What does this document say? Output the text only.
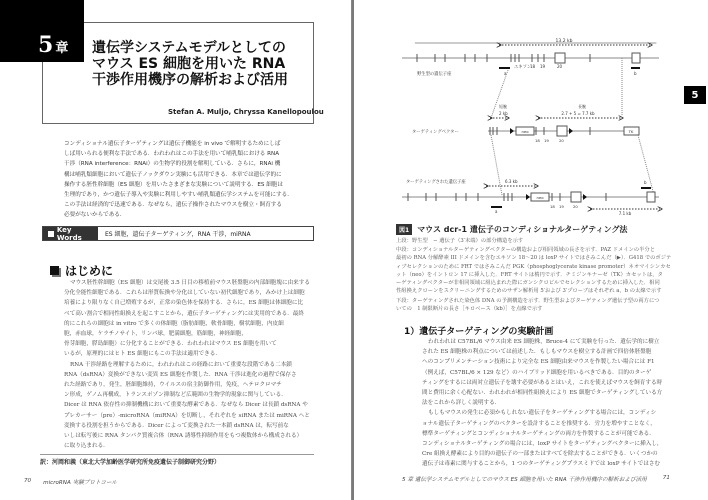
5 章 遺伝学システムモデルとしての
マウス ES 細胞を用いた RNA
干渉作用機序の解析および活用
Stefan A. Muljo, Chryssa Kanellopoulou
コンディショナル遺伝子ターゲティングは遺伝子機能を in vivo で解明するためにしば
しば用いられる便利な手法である．われわれはこの手法を用いて哺乳類における RNA
干渉（RNA interference：RNAi）の生物学的役割を解明している．さらに，RNAi 機
構は哺乳類細胞において遺伝子ノックダウン実験にも活用できる．本章では遺伝学的に
操作する胚性幹細胞（ES 細胞）を用いたさまざまな実験について説明する．ES 細胞は
生理的であり，かつ遺伝子導入や実験に利用しやすい哺乳類遺伝学システムを可能にする．
この手法は経済的で迅速である．なぜなら，遺伝子操作されたマウスを樹立・飼育する
必要がないからである．
Key Words	ES 細胞，遺伝子ターゲティング，RNA 干渉，miRNA
はじめに
マウス胚性幹細胞（ES 細胞）は交尾後 3.5 日目の移植前マウス胚盤胞の内部細胞塊に由来する
分化全能性細胞である．これらは形質転換や分化はしていない初代細胞であり，みかけ上は細胞
培養により限りなく自己増殖するが，正常の染色体を保持する．さらに，ES 細胞は体細胞に比
べて高い割合で相同性組換えを起こすことから，遺伝子ターゲティングには実用的である．最終
的にこれらの細胞は in vitro で多くの体細胞（脂肪細胞，軟骨細胞，樹状細胞，内皮細
胞，赤血球，ケラチノサイト，リンパ球，肥満細胞，筋細胞，神経細胞，
骨芽細胞，膵島細胞）に分化することができる．われわれはマウス ES 細胞を用いて
いるが，原理的にはヒト ES 細胞にもこの手法は適用できる．
RNA 干渉経路を理解するために，われわれはこの経路において重要な段階である二本鎖
RNA（dsRNA）変換ができない変異 ES 細胞を作製した．RNA 干渉は進化の過程で保存さ
れた経路であり，発生，胚細胞維持，ウイルスの宿主防御作用，免疫，ヘテロクロマチ
ン形成，ゲノム再構成，トランスポゾン抑制など広範囲の生物学的現象に関与している．
Dicer は RNA 依存性の抑制機構において重要な酵素である．なぜなら Dicer は長鎖 dsRNA や
プレカーサー（pre）-microRNA（miRNA）を切断し，それぞれを siRNA または miRNA へと
変換する役割を担うからである．Dicer によって変換された一本鎖 dsRNA は，転写前な
いしは転写後に RNA タンパク質複合体（RNA 誘導性抑制作用をもつ複数体から構成される）
に取り込まれる．
訳：河岡和義（東北大学加齢医学研究所免疫遺伝子制御研究分野）
70 microRNA 実験プロトコール
5
13.2 kb
野生型の遺伝子座	a
エキソン
18 19	20
b
短腕
2 kb
長腕
2.7 + 5 = 7.7 kb
ターゲティングベクター	neo	TK
18 19	20
ターゲティングされた遺伝子座	6.3 kb	b
neo
a
18 19 20
7.1 kb
図1	マウス dcr-1 遺伝子のコンディショナルターゲティング法
上段：野生型　− 遺伝子（3′末端）の部分構造を示す
中段：コンディショナルターゲティングベクターの構造および相同領域の長さを示す．PAZ ドメインの半分と
最初の RNA 分解酵素 III ドメインを含むエキソン 18〜20 は loxP サイトではさみこんだ（▶）．G418 でのポジテ
ィブセレクションのために FRT ではさみこんだ PGK（phosphoglycerate kinase promoter）ネオマイシンカセ
ット（neo）をイントロン 17 に挿入した．FRT サイトは楕円で示す．チミジンキナーゼ（TK）カセットは，タ
ーゲティングベクターが非相同領域に組込まれた際にガンシクロビルでセレクションするために挿入した．相同
性組換えクローンをスクリーニングするためのサザン解析用 5′および 3′プローブはそれぞれ a，b の太線で示す
下段：ターゲティングされた染色体 DNA の予測構造を示す．野生型およびターゲティング遺伝子型の両方につ
いての　1 制限断片の長さ［キロベース（kb）］を点線で示す
1）遺伝子ターゲティングの実験計画
われわれは C57BL/6 マウス由来 ES 細胞株，Bruce-4 にて実験を行った．遺伝学的に樹立
された ES 細胞株の利点については前述した．もしもマウスを樹立する計画で四倍体胚盤胞
へのコンプリメンテーション技術により完全な ES 細胞由来マウスを作製したい場合には F1
（例えば，C57BL/6 × 129 など）のハイブリッド細胞を用いるべきである．目的のターゲ
ティングをするには両対立遺伝子を壊す必要があるとはいえ，これを使えばマウスを飼育する時
間と費用に余く心配ない．われわれが相同性組換えにより ES 細胞でターゲティングしている方
法をこれから詳しく説明する．
もしもマウスの発生に必須かもしれない遺伝子をターゲティングする場合には，コンディシ
ョナル遺伝子ターゲティングのベクターを設計することを推奨する．労力を増やすことなく，
標準ターゲティングとコンディショナルターゲティングの両方を作製することが可能である．
コンディショナルターゲティングの場合には，loxP サイトをターゲティングベクターに挿入し，
Cre 組換え酵素により目的の遺伝子の一部またはすべてを除去することができる．いくつかの
遺伝子は毒素に関与することから，1 つのターゲティングプラスミドでは loxP サイトではさむ
5 章 遺伝学システムモデルとしてのマウス ES 細胞を用いた RNA 干渉作用機序の解析および活用	71
